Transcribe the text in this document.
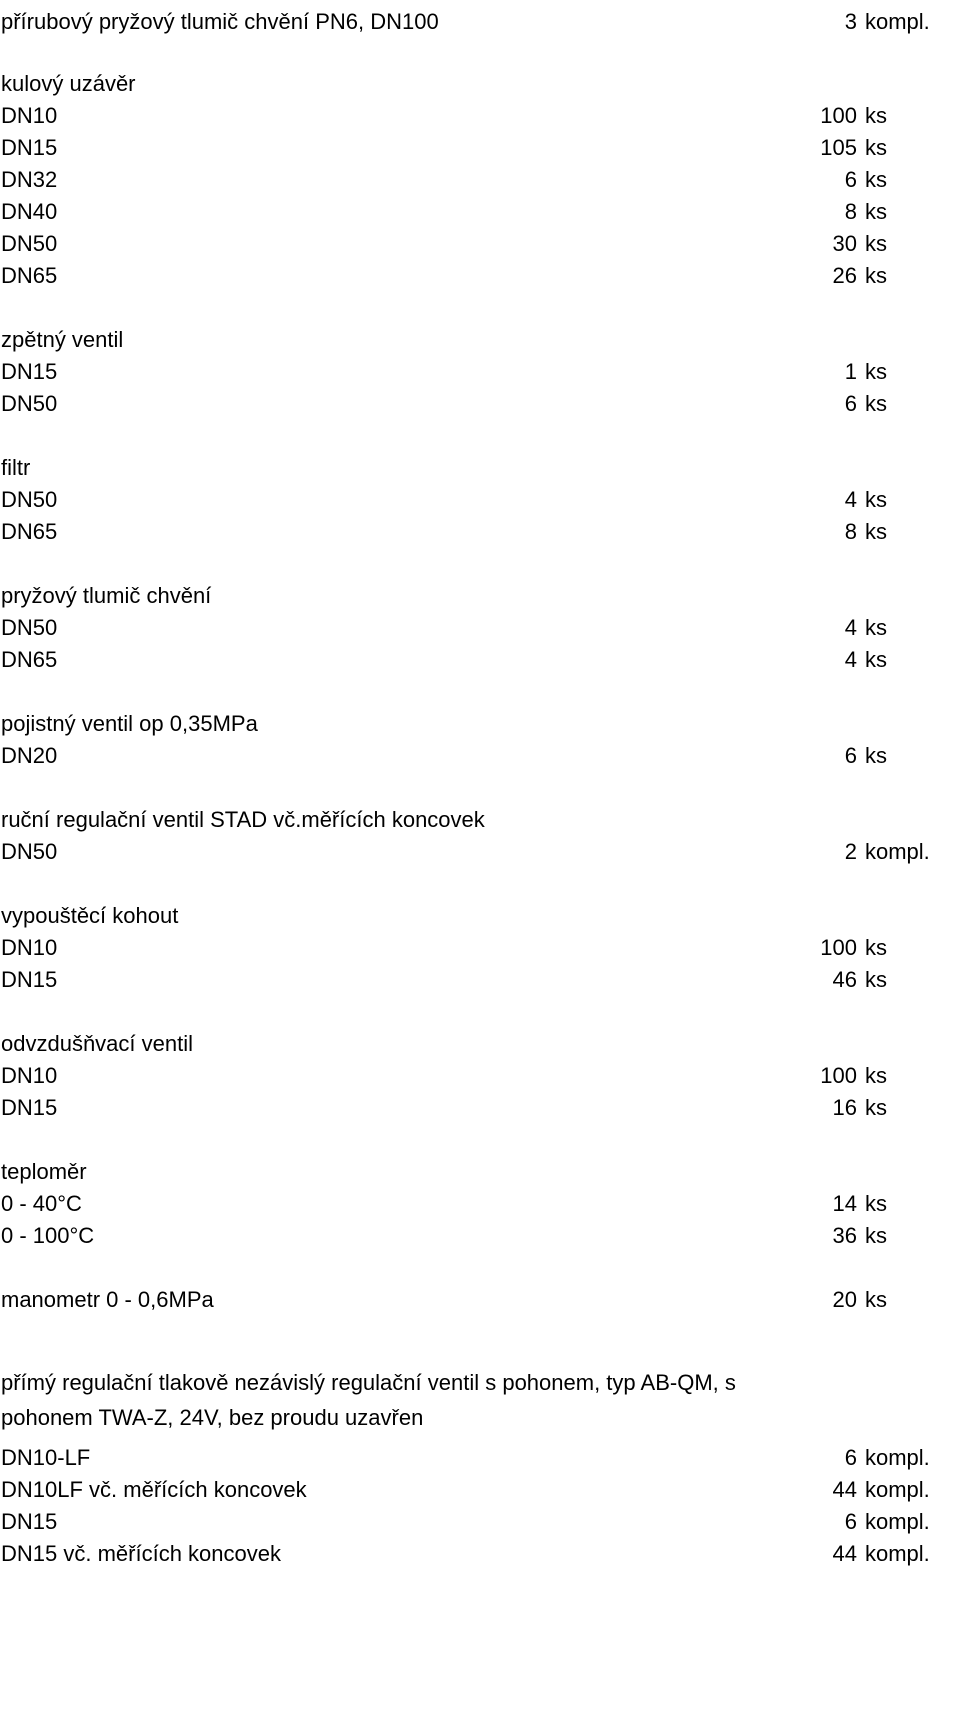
přírubový pryžový tlumič chvění PN6, DN100	3 kompl.
kulový uzávěr
DN10	100 ks
DN15	105 ks
DN32	6 ks
DN40	8 ks
DN50	30 ks
DN65	26 ks
zpětný ventil
DN15	1 ks
DN50	6 ks
filtr
DN50	4 ks
DN65	8 ks
pryžový tlumič chvění
DN50	4 ks
DN65	4 ks
pojistný ventil op 0,35MPa
DN20	6 ks
ruční regulační ventil STAD vč.měřících koncovek
DN50	2 kompl.
vypouštěcí kohout
DN10	100 ks
DN15	46 ks
odvzdušňvací ventil
DN10	100 ks
DN15	16 ks
teploměr
0 - 40°C	14 ks
0 - 100°C	36 ks
manometr 0 - 0,6MPa	20 ks
přímý regulační tlakově nezávislý regulační ventil s pohonem, typ AB-QM, s pohonem TWA-Z, 24V, bez proudu uzavřen
DN10-LF	6 kompl.
DN10LF vč. měřících koncovek	44 kompl.
DN15	6 kompl.
DN15 vč. měřících koncovek	44 kompl.
